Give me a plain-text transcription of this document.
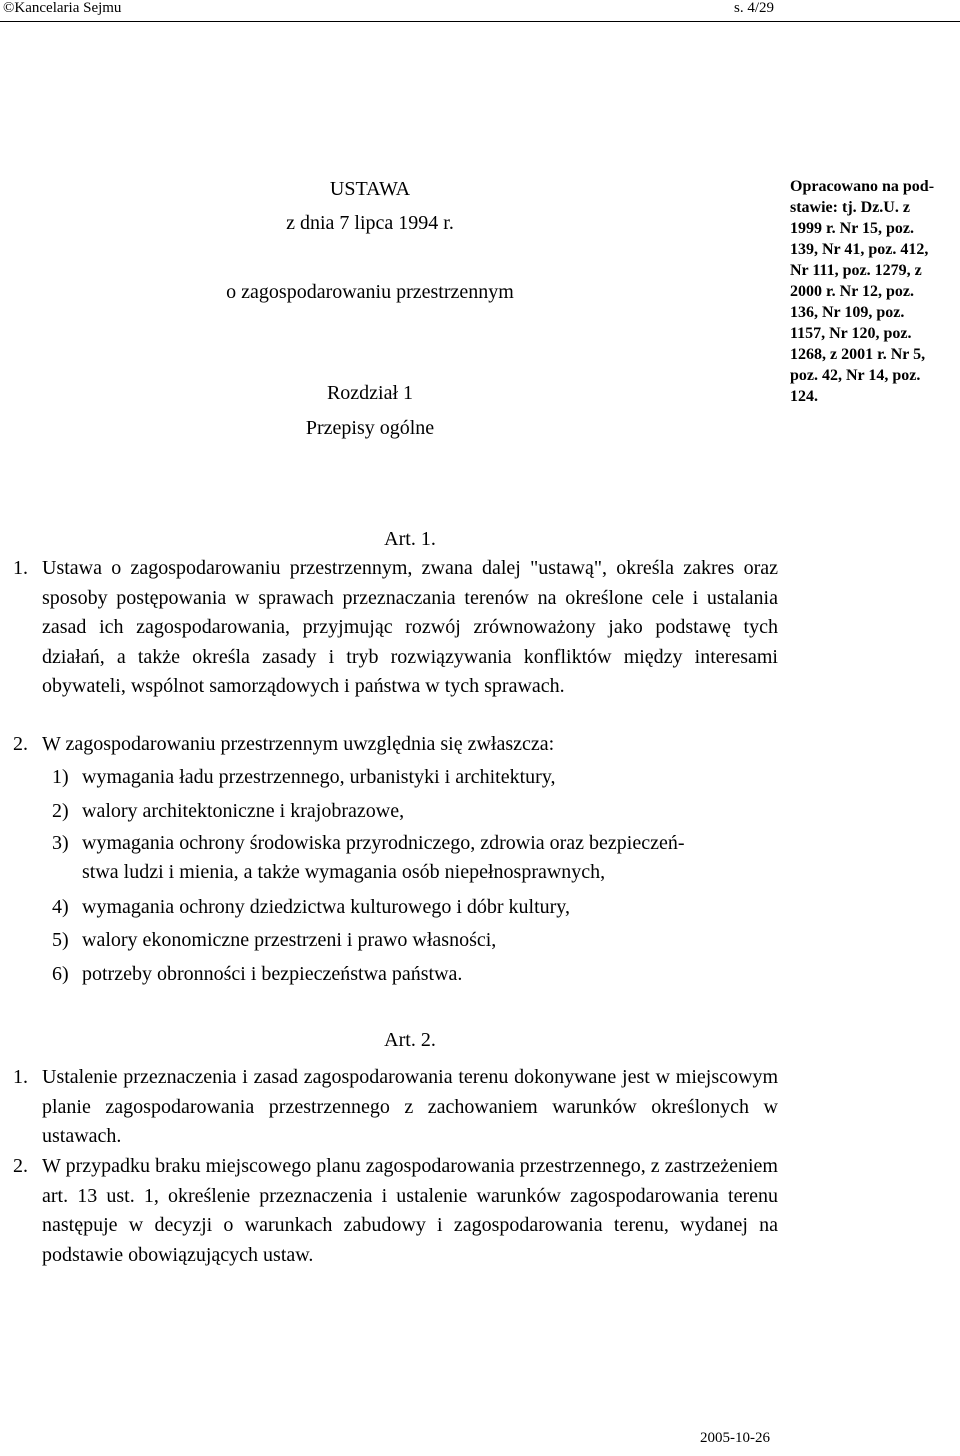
©Kancelaria Sejmu	s. 4/29
USTAWA
z dnia 7 lipca 1994 r.
o zagospodarowaniu przestrzennym
Rozdział 1
Przepisy ogólne
Opracowano na pod-
stawie: tj. Dz.U. z
1999 r. Nr 15, poz.
139, Nr 41, poz. 412,
Nr 111, poz. 1279, z
2000 r. Nr 12, poz.
136, Nr 109, poz.
1157, Nr 120, poz.
1268, z 2001 r. Nr 5,
poz. 42, Nr 14, poz.
124.
Art. 1.
1. Ustawa o zagospodarowaniu przestrzennym, zwana dalej "ustawą", określa zakres oraz sposoby postępowania w sprawach przeznaczania terenów na określone cele i ustalania zasad ich zagospodarowania, przyjmując rozwój zrównoważony jako podstawę tych działań, a także określa zasady i tryb rozwiązywania konfliktów między interesami obywateli, wspólnot samorządowych i państwa w tych sprawach.
2. W zagospodarowaniu przestrzennym uwzględnia się zwłaszcza:
1) wymagania ładu przestrzennego, urbanistyki i architektury,
2) walory architektoniczne i krajobrazowe,
3) wymagania ochrony środowiska przyrodniczego, zdrowia oraz bezpieczeń-
stwa ludzi i mienia, a także wymagania osób niepełnosprawnych,
4) wymagania ochrony dziedzictwa kulturowego i dóbr kultury,
5) walory ekonomiczne przestrzeni i prawo własności,
6) potrzeby obronności i bezpieczeństwa państwa.
Art. 2.
1. Ustalenie przeznaczenia i zasad zagospodarowania terenu dokonywane jest w miejscowym planie zagospodarowania przestrzennego z zachowaniem warunków określonych w ustawach.
2. W przypadku braku miejscowego planu zagospodarowania przestrzennego, z zastrzeżeniem art. 13 ust. 1, określenie przeznaczenia i ustalenie warunków zagospodarowania terenu następuje w decyzji o warunkach zabudowy i zagospodarowania terenu, wydanej na podstawie obowiązujących ustaw.
2005-10-26
